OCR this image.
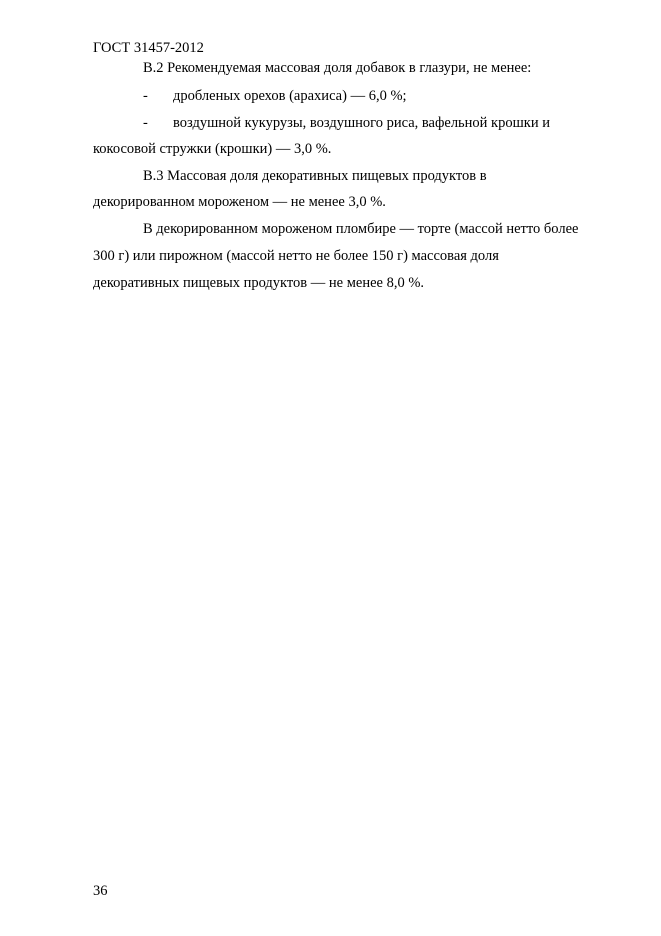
ГОСТ 31457-2012
В.2 Рекомендуемая массовая доля добавок в глазури, не менее:
- дробленых орехов (арахиса) — 6,0 %;
- воздушной кукурузы, воздушного риса, вафельной крошки и
кокосовой стружки (крошки) — 3,0 %.
В.3 Массовая доля декоративных пищевых продуктов в
декорированном мороженом — не менее 3,0 %.
В декорированном мороженом пломбире — торте (массой нетто более
300 г) или пирожном (массой нетто не более 150 г) массовая доля
декоративных пищевых продуктов — не менее 8,0 %.
36
